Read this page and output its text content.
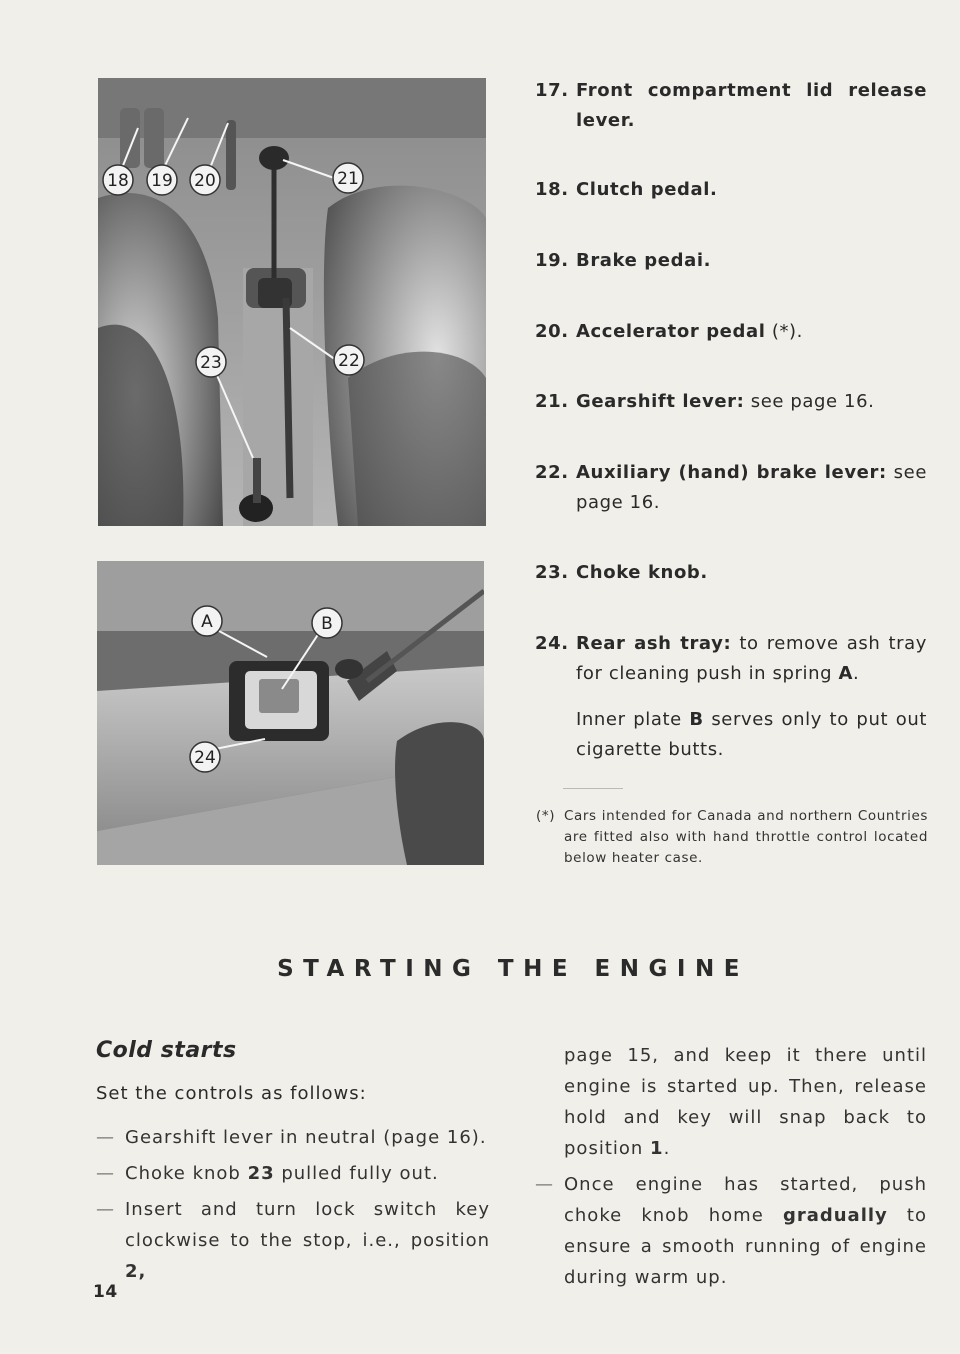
18 19 20	21
22
23
A	B
24
17. Front compartment lid release lever.
18. Clutch pedal.
19. Brake pedai.
20. Accelerator pedal (*).
21. Gearshift lever: see page 16.
22. Auxiliary (hand) brake lever: see page 16.
23. Choke knob.
24. Rear ash tray: to remove ash tray for cleaning push in spring A.
Inner plate B serves only to put out cigarette butts.
(*) Cars intended for Canada and northern Countries are fitted also with hand throttle control located below heater case.
STARTING THE ENGINE
Cold starts
Set the controls as follows:
— Gearshift lever in neutral (page 16).
— Choke knob 23 pulled fully out.
— Insert and turn lock switch key clockwise to the stop, i.e., position 2,
page 15, and keep it there until engine is started up. Then, release hold and key will snap back to position 1.
— Once engine has started, push choke knob home gradually to ensure a smooth running of engine during warm up.
14
